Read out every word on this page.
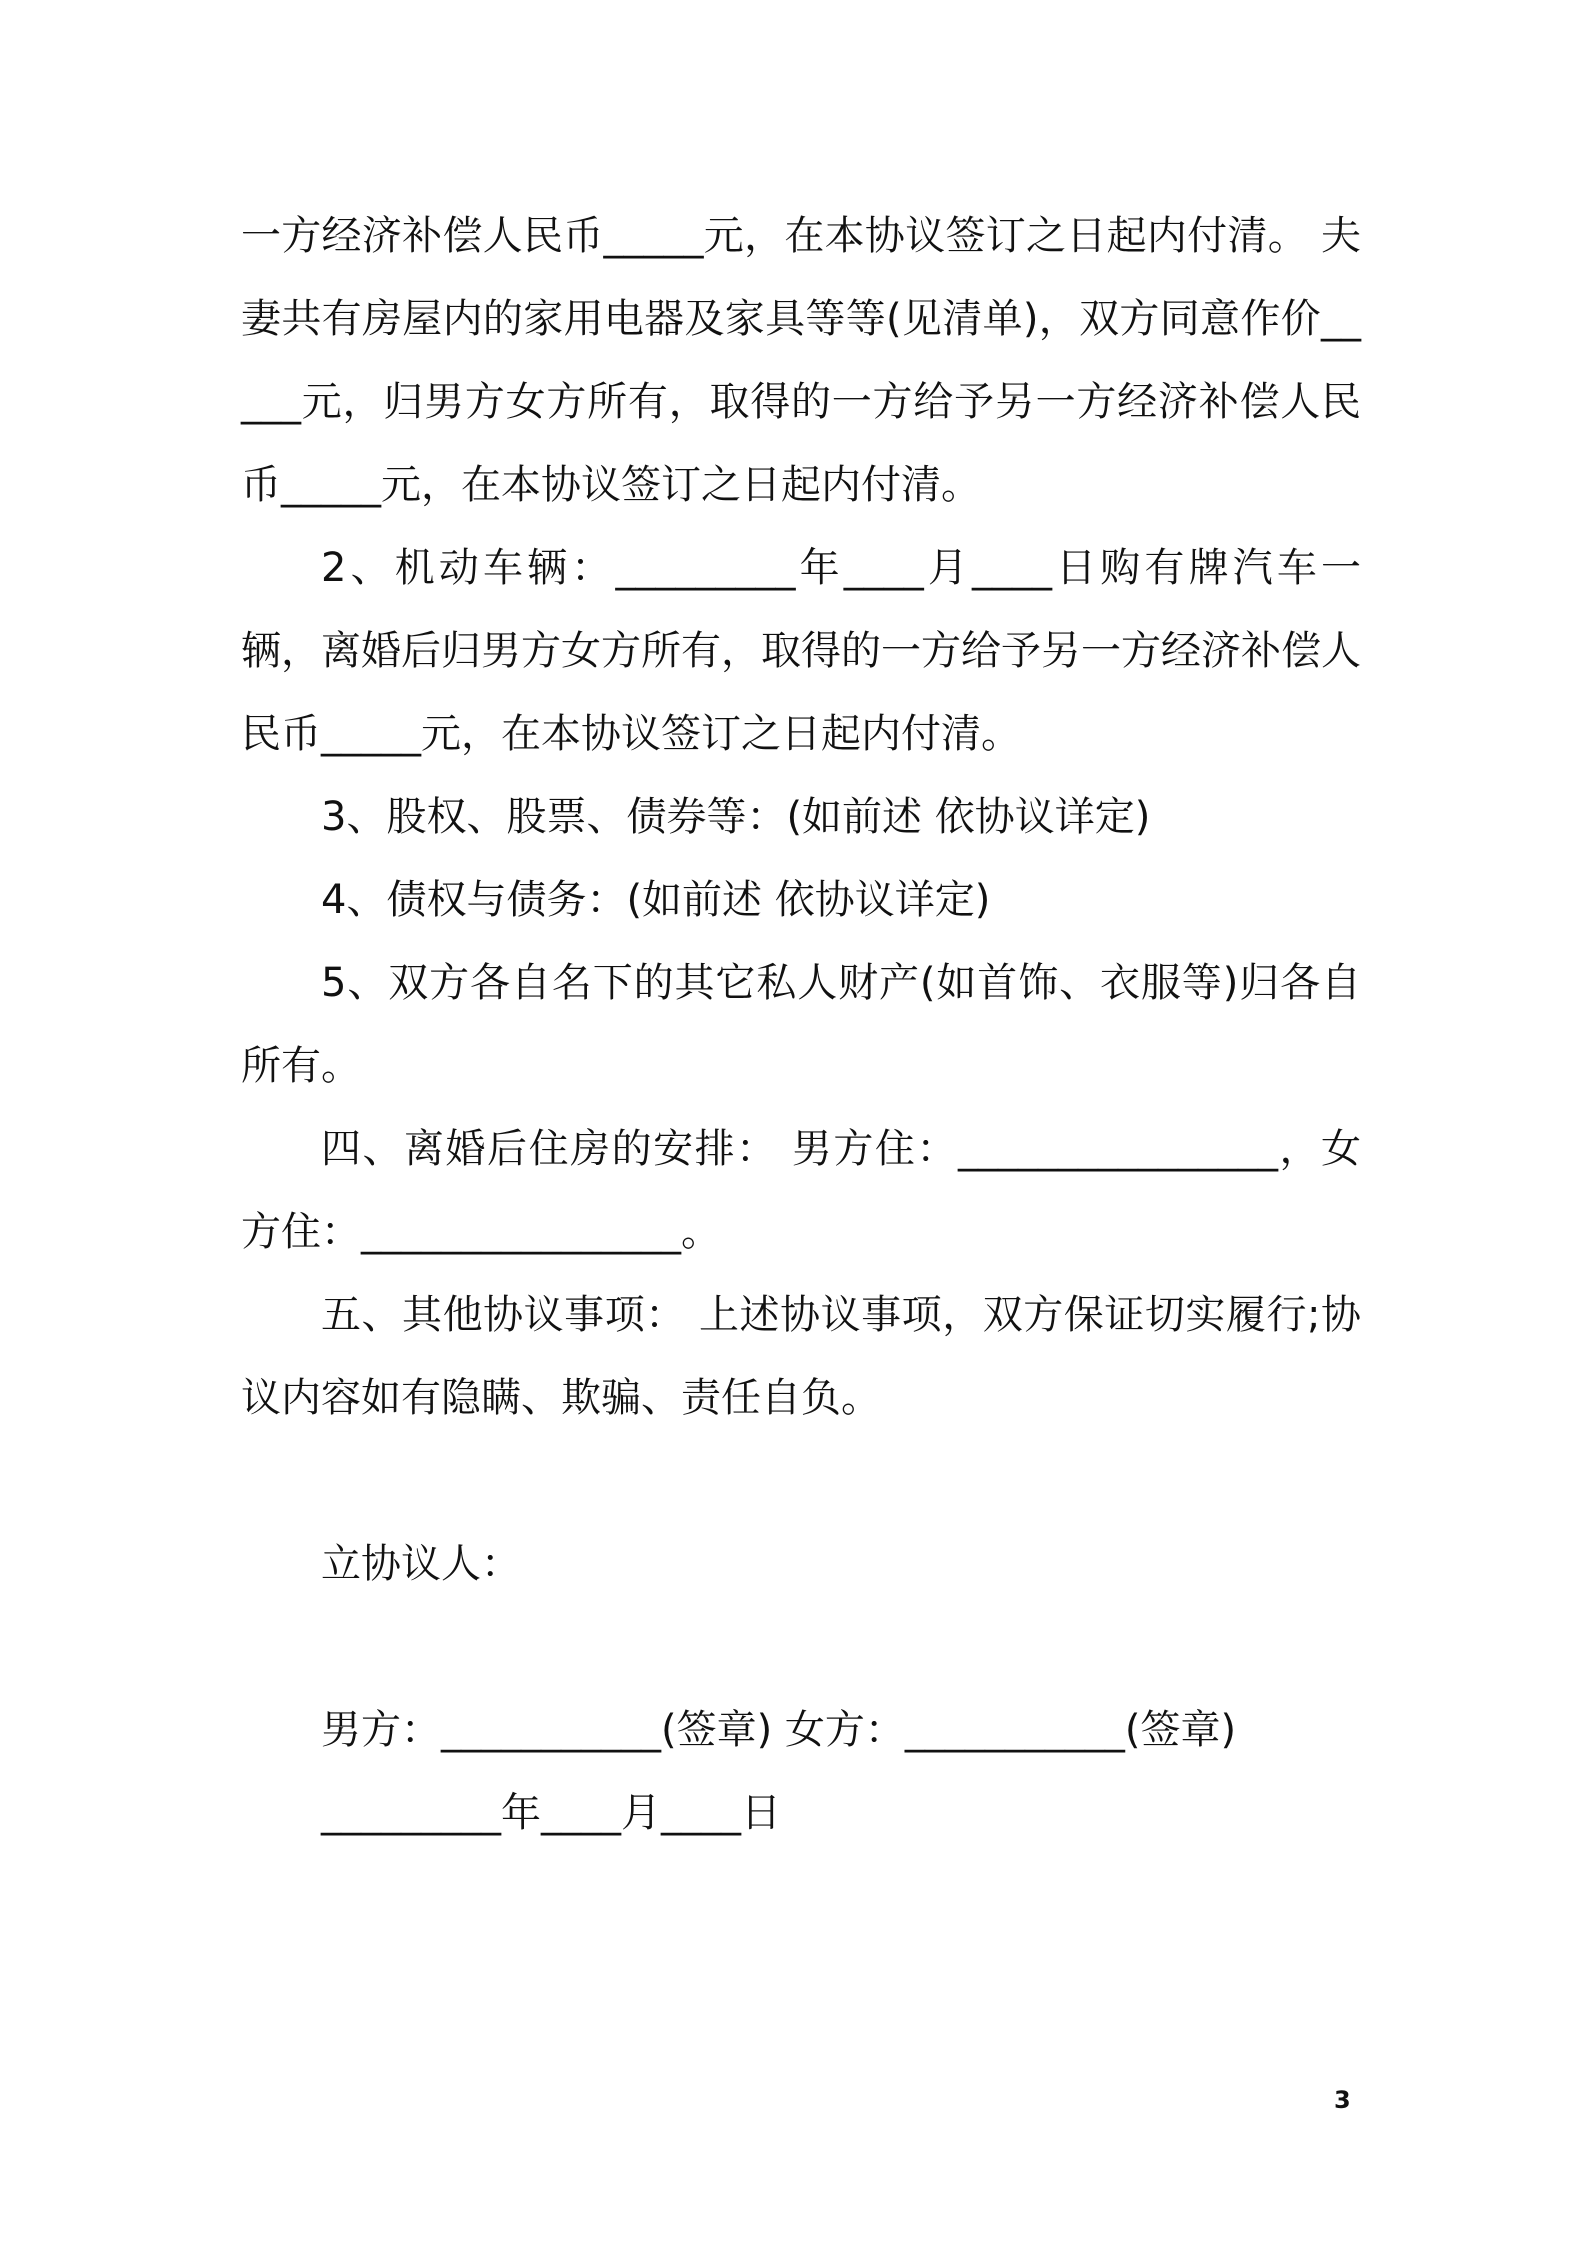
一方经济补偿人民币_____元，在本协议签订之日起内付清。 夫妻共有房屋内的家用电器及家具等等(见清单)，双方同意作价_____元，归男方女方所有，取得的一方给予另一方经济补偿人民币_____元，在本协议签订之日起内付清。

2、机动车辆：_________年____月____日购有牌汽车一辆，离婚后归男方女方所有，取得的一方给予另一方经济补偿人民币_____元，在本协议签订之日起内付清。

3、股权、股票、债券等：(如前述 依协议详定)

4、债权与债务：(如前述 依协议详定)

5、双方各自名下的其它私人财产(如首饰、衣服等)归各自所有。

四、离婚后住房的安排： 男方住：________________，女方住：________________。

五、其他协议事项： 上述协议事项，双方保证切实履行;协议内容如有隐瞒、欺骗、责任自负。

立协议人：

男方：___________(签章) 女方：___________(签章)

_________年____月____日

3
